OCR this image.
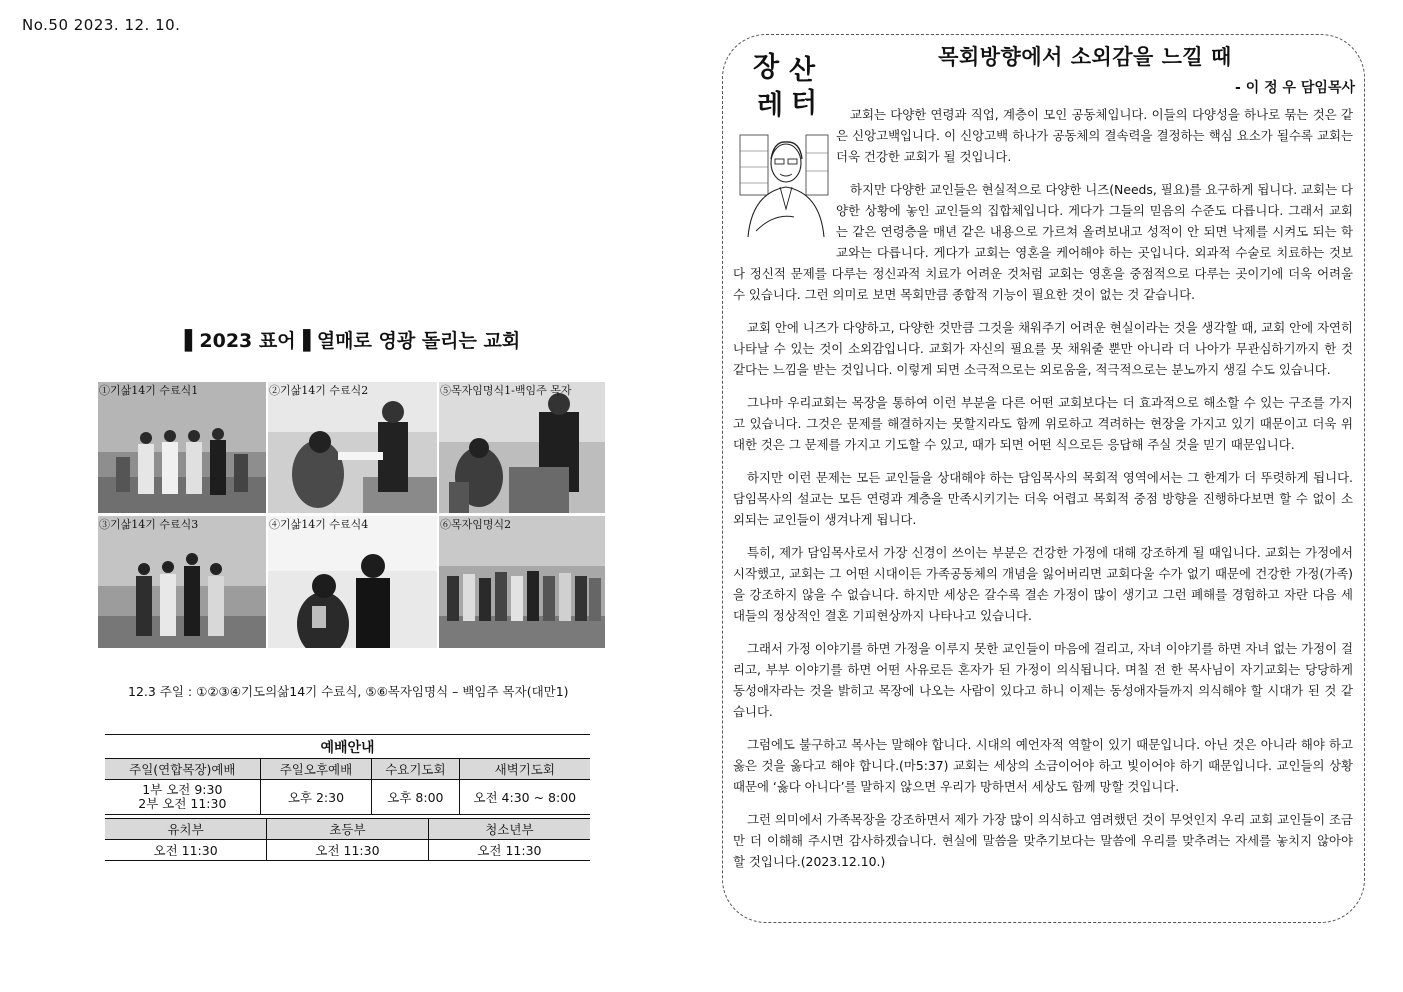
No.50 2023. 12. 10.
▌2023 표어▐ 열매로 영광 돌리는 교회
①기삶14기 수료식1	②기삶14기 수료식2	⑤목자임명식1-백임주 목자
③기삶14기 수료식3	④기삶14기 수료식4	⑥목자임명식2
12.3 주일 : ①②③④기도의삶14기 수료식, ⑤⑥목자임명식 – 백임주 목자(대만1)
예배안내
주일(연합목장)예배	주일오후예배	수요기도회	새벽기도회

1부 오전 9:30
2부 오전 11:30	오후 2:30	오후 8:00	오전 4:30 ~ 8:00
유치부	초등부	청소년부
오전 11:30	오전 11:30	오전 11:30
장 산
레 터
목회방향에서 소외감을 느낄 때
- 이 정 우 담임목사

교회는 다양한 연령과 직업, 계층이 모인 공동체입니다. 이들의 다양성을 하나로 묶는 것은 같은 신앙고백입니다. 이 신앙고백 하나가 공동체의 결속력을 결정하는 핵심 요소가 될수록 교회는 더욱 건강한 교회가 될 것입니다.

하지만 다양한 교인들은 현실적으로 다양한 니즈(Needs, 필요)를 요구하게 됩니다. 교회는 다양한 상황에 놓인 교인들의 집합체입니다. 게다가 그들의 믿음의 수준도 다릅니다. 그래서 교회는 같은 연령층을 매년 같은 내용으로 가르쳐 올려보내고 성적이 안 되면 낙제를 시켜도 되는 학교와는 다릅니다. 게다가 교회는 영혼을 케어해야 하는 곳입니다. 외과적 수술로 치료하는 것보다 정신적 문제를 다루는 정신과적 치료가 어려운 것처럼 교회는 영혼을 중점적으로 다루는 곳이기에 더욱 어려울 수 있습니다. 그런 의미로 보면 목회만큼 종합적 기능이 필요한 것이 없는 것 같습니다.

교회 안에 니즈가 다양하고, 다양한 것만큼 그것을 채워주기 어려운 현실이라는 것을 생각할 때, 교회 안에 자연히 나타날 수 있는 것이 소외감입니다. 교회가 자신의 필요를 못 채워줄 뿐만 아니라 더 나아가 무관심하기까지 한 것 같다는 느낌을 받는 것입니다. 이렇게 되면 소극적으로는 외로움을, 적극적으로는 분노까지 생길 수도 있습니다.

그나마 우리교회는 목장을 통하여 이런 부분을 다른 어떤 교회보다는 더 효과적으로 해소할 수 있는 구조를 가지고 있습니다. 그것은 문제를 해결하지는 못할지라도 함께 위로하고 격려하는 현장을 가지고 있기 때문이고 더욱 위대한 것은 그 문제를 가지고 기도할 수 있고, 때가 되면 어떤 식으로든 응답해 주실 것을 믿기 때문입니다.

하지만 이런 문제는 모든 교인들을 상대해야 하는 담임목사의 목회적 영역에서는 그 한계가 더 뚜렷하게 됩니다. 담임목사의 설교는 모든 연령과 계층을 만족시키기는 더욱 어렵고 목회적 중점 방향을 진행하다보면 할 수 없이 소외되는 교인들이 생겨나게 됩니다.

특히, 제가 담임목사로서 가장 신경이 쓰이는 부분은 건강한 가정에 대해 강조하게 될 때입니다. 교회는 가정에서 시작했고, 교회는 그 어떤 시대이든 가족공동체의 개념을 잃어버리면 교회다울 수가 없기 때문에 건강한 가정(가족)을 강조하지 않을 수 없습니다. 하지만 세상은 갈수록 결손 가정이 많이 생기고 그런 폐해를 경험하고 자란 다음 세대들의 정상적인 결혼 기피현상까지 나타나고 있습니다.

그래서 가정 이야기를 하면 가정을 이루지 못한 교인들이 마음에 걸리고, 자녀 이야기를 하면 자녀 없는 가정이 걸리고, 부부 이야기를 하면 어떤 사유로든 혼자가 된 가정이 의식됩니다. 며칠 전 한 목사님이 자기교회는 당당하게 동성애자라는 것을 밝히고 목장에 나오는 사람이 있다고 하니 이제는 동성애자들까지 의식해야 할 시대가 된 것 같습니다.

그럼에도 불구하고 목사는 말해야 합니다. 시대의 예언자적 역할이 있기 때문입니다. 아닌 것은 아니라 해야 하고 옳은 것을 옳다고 해야 합니다.(마5:37) 교회는 세상의 소금이어야 하고 빛이어야 하기 때문입니다. 교인들의 상황 때문에 ‘옳다 아니다’를 말하지 않으면 우리가 망하면서 세상도 함께 망할 것입니다.

그런 의미에서 가족목장을 강조하면서 제가 가장 많이 의식하고 염려했던 것이 무엇인지 우리 교회 교인들이 조금만 더 이해해 주시면 감사하겠습니다. 현실에 말씀을 맞추기보다는 말씀에 우리를 맞추려는 자세를 놓치지 않아야 할 것입니다.(2023.12.10.)
